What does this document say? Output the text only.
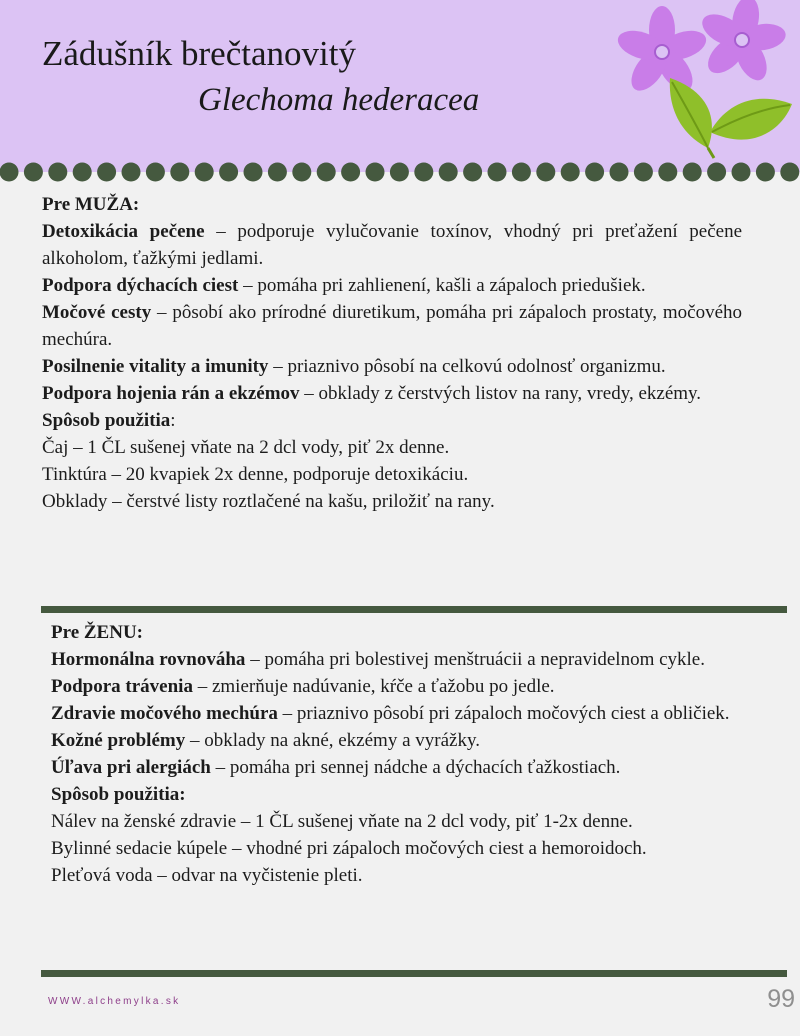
Zádušník brečtanovitý
Glechoma hederacea

Pre MUŽA:

Detoxikácia pečene – podporuje vylučovanie toxínov, vhodný pri preťažení pečene alkoholom, ťažkými jedlami.

Podpora dýchacích ciest – pomáha pri zahlienení, kašli a zápaloch priedušiek.

Močové cesty – pôsobí ako prírodné diuretikum, pomáha pri zápaloch prostaty, močového mechúra.

Posilnenie vitality a imunity – priaznivo pôsobí na celkovú odolnosť organizmu.

Podpora hojenia rán a ekzémov – obklady z čerstvých listov na rany, vredy, ekzémy.

Spôsob použitia:

Čaj – 1 ČL sušenej vňate na 2 dcl vody, piť 2x denne.

Tinktúra – 20 kvapiek 2x denne, podporuje detoxikáciu.

Obklady – čerstvé listy roztlačené na kašu, priložiť na rany.

Pre ŽENU:

Hormonálna rovnováha – pomáha pri bolestivej menštruácii a nepravidelnom cykle.

Podpora trávenia – zmierňuje nadúvanie, kŕče a ťažobu po jedle.

Zdravie močového mechúra – priaznivo pôsobí pri zápaloch močových ciest a obličiek.

Kožné problémy – obklady na akné, ekzémy a vyrážky.

Úľava pri alergiách – pomáha pri sennej nádche a dýchacích ťažkostiach.

Spôsob použitia:

Nálev na ženské zdravie – 1 ČL sušenej vňate na 2 dcl vody, piť 1-2x denne.

Bylinné sedacie kúpele – vhodné pri zápaloch močových ciest a hemoroidoch.

Pleťová voda – odvar na vyčistenie pleti.

WWW.alchemylka.sk	99
